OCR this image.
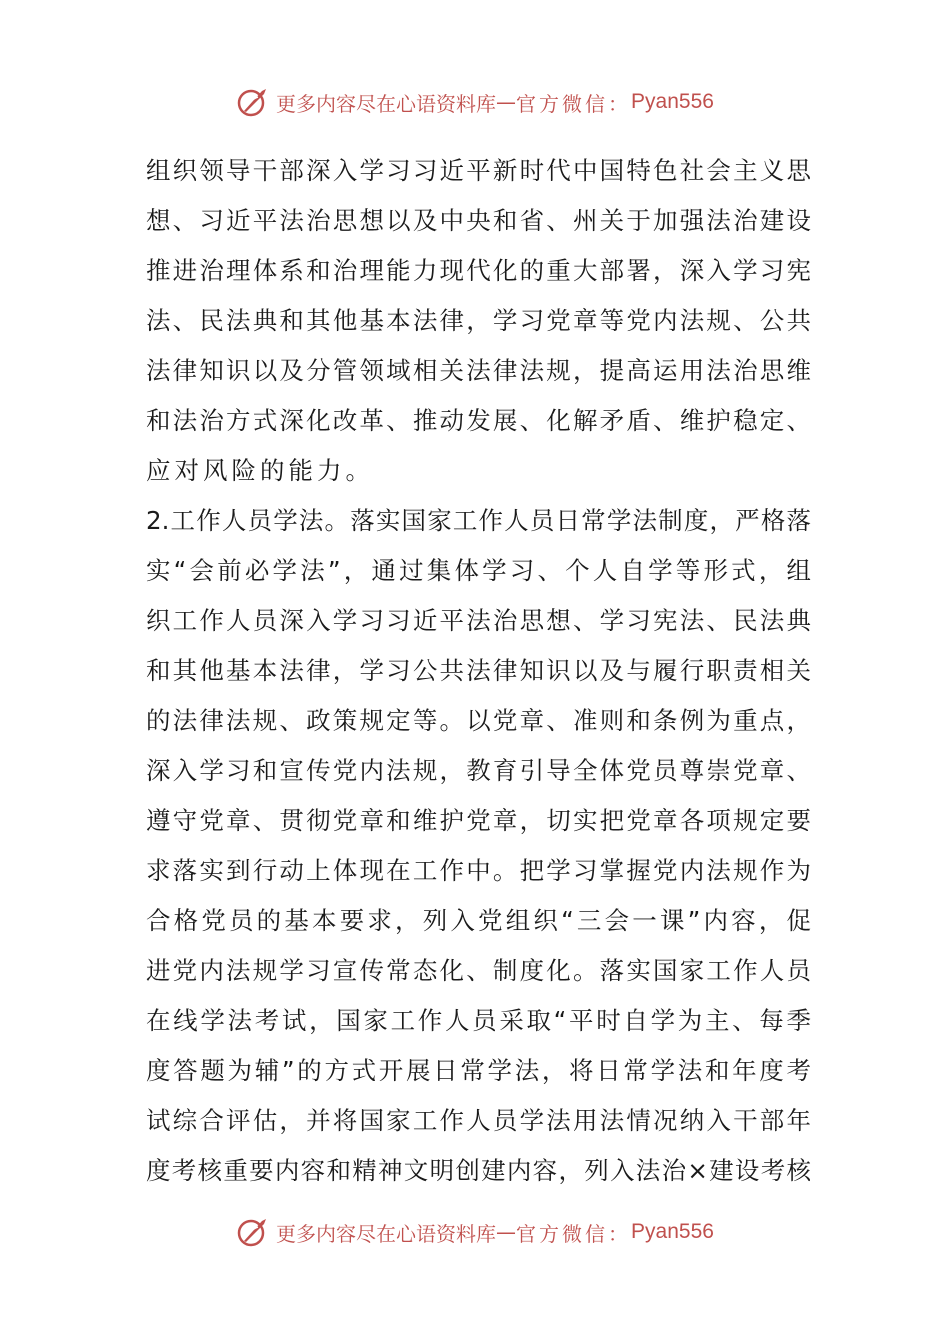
更多内容尽在心语资料库 — 官方微信： Pyan556
组织领导干部深入学习习近平新时代中国特色社会主义思
想、习近平法治思想以及中央和省、州关于加强法治建设
推进治理体系和治理能力现代化的重大部署，深入学习宪
法、民法典和其他基本法律，学习党章等党内法规、公共
法律知识以及分管领域相关法律法规，提高运用法治思维
和法治方式深化改革、推动发展、化解矛盾、维护稳定、
应对风险的能力。
2.工作人员学法。落实国家工作人员日常学法制度，严格落
实“会前必学法”，通过集体学习、个人自学等形式，组
织工作人员深入学习习近平法治思想、学习宪法、民法典
和其他基本法律，学习公共法律知识以及与履行职责相关
的法律法规、政策规定等。以党章、准则和条例为重点，
深入学习和宣传党内法规，教育引导全体党员尊崇党章、
遵守党章、贯彻党章和维护党章，切实把党章各项规定要
求落实到行动上体现在工作中。把学习掌握党内法规作为
合格党员的基本要求，列入党组织“三会一课”内容，促
进党内法规学习宣传常态化、制度化。落实国家工作人员
在线学法考试，国家工作人员采取“平时自学为主、每季
度答题为辅”的方式开展日常学法，将日常学法和年度考
试综合评估，并将国家工作人员学法用法情况纳入干部年
度考核重要内容和精神文明创建内容，列入法治×建设考核
更多内容尽在心语资料库 — 官方微信： Pyan556
